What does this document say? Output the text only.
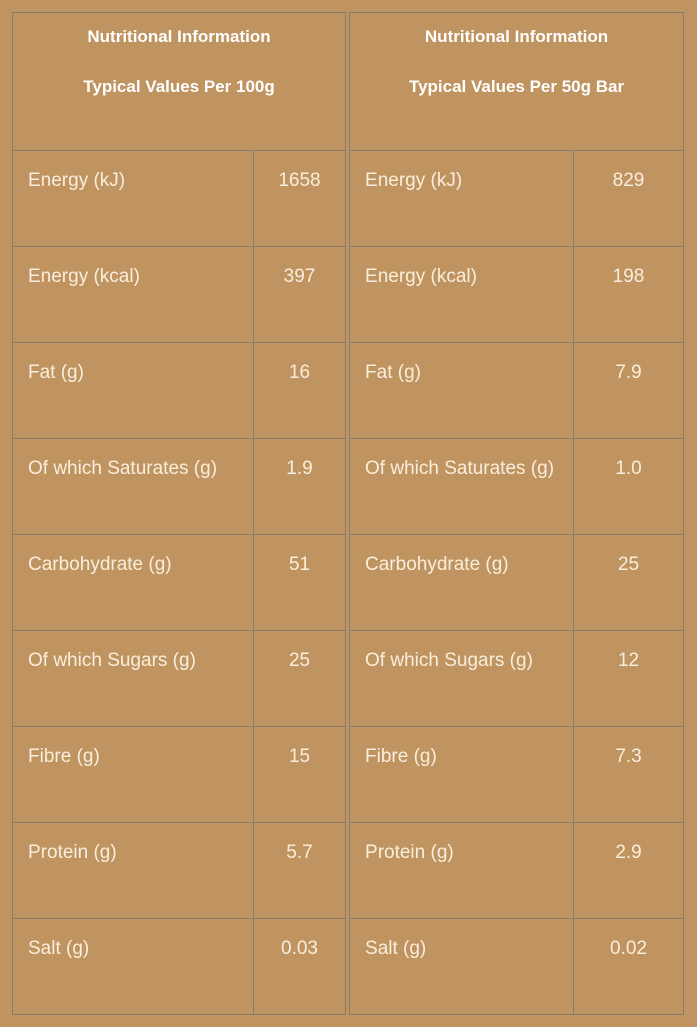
Nutritional Information
Typical Values Per 100g	

Energy (kJ)	1658
Energy (kcal)	397
Fat (g)	16
Of which Saturates (g)	1.9
Carbohydrate (g)	51
Of which Sugars (g)	25
Fibre (g)	15
Protein (g)	5.7
Salt (g)	0.03
Nutritional Information
Typical Values Per 50g Bar	

Energy (kJ)	829
Energy (kcal)	198
Fat (g)	7.9
Of which Saturates (g)	1.0
Carbohydrate (g)	25
Of which Sugars (g)	12
Fibre (g)	7.3
Protein (g)	2.9
Salt (g)	0.02
